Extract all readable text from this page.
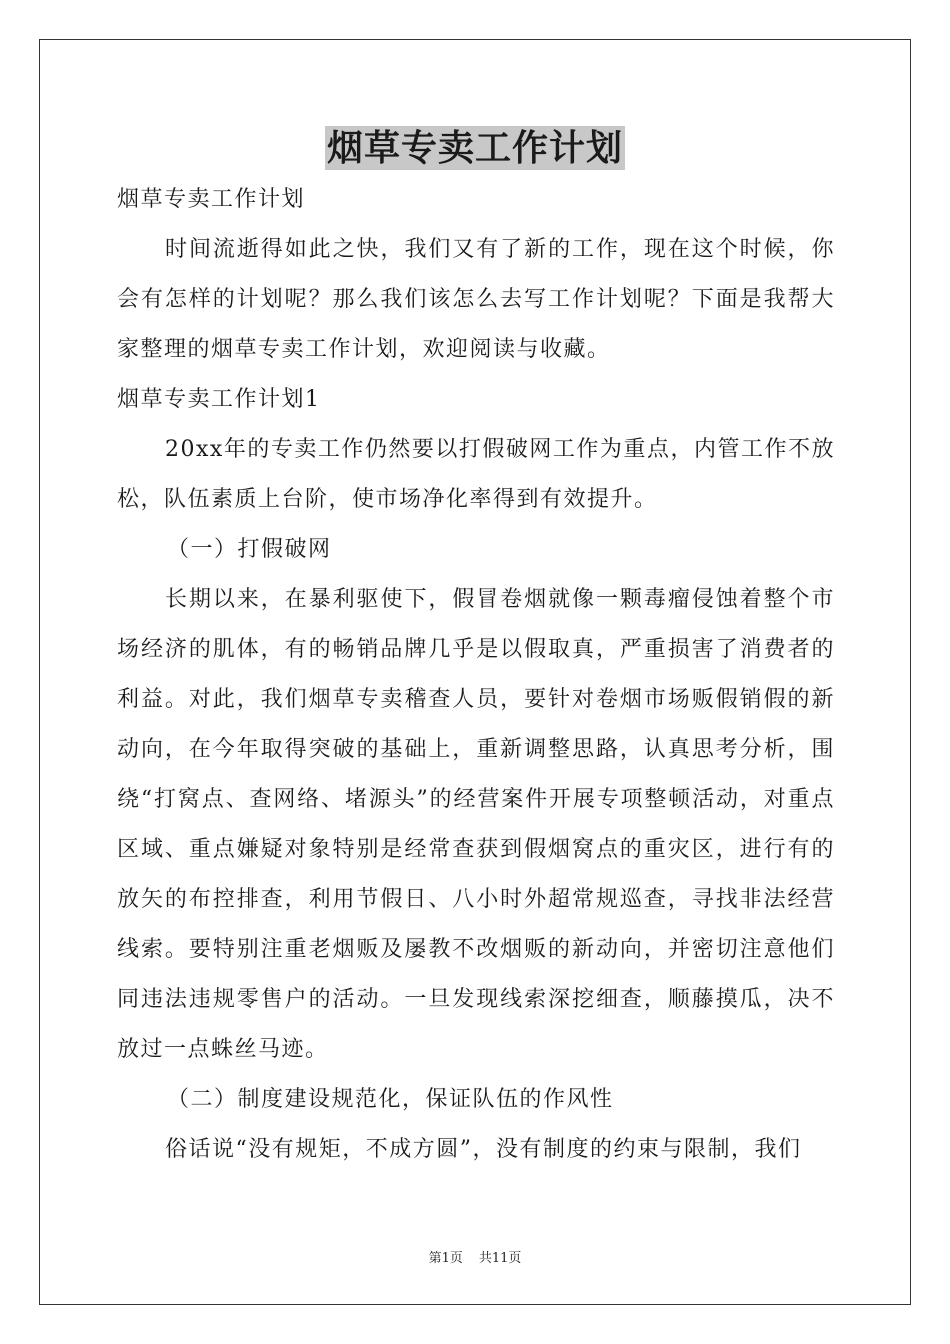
烟草专卖工作计划

烟草专卖工作计划

时间流逝得如此之快，我们又有了新的工作，现在这个时候，你会有怎样的计划呢？那么我们该怎么去写工作计划呢？下面是我帮大家整理的烟草专卖工作计划，欢迎阅读与收藏。

烟草专卖工作计划1

20xx年的专卖工作仍然要以打假破网工作为重点，内管工作不放松，队伍素质上台阶，使市场净化率得到有效提升。

（一）打假破网

长期以来，在暴利驱使下，假冒卷烟就像一颗毒瘤侵蚀着整个市场经济的肌体，有的畅销品牌几乎是以假取真，严重损害了消费者的利益。对此，我们烟草专卖稽查人员，要针对卷烟市场贩假销假的新动向，在今年取得突破的基础上，重新调整思路，认真思考分析，围绕“打窝点、查网络、堵源头”的经营案件开展专项整顿活动，对重点区域、重点嫌疑对象特别是经常查获到假烟窝点的重灾区，进行有的放矢的布控排查，利用节假日、八小时外超常规巡查，寻找非法经营线索。要特别注重老烟贩及屡教不改烟贩的新动向，并密切注意他们同违法违规零售户的活动。一旦发现线索深挖细查，顺藤摸瓜，决不放过一点蛛丝马迹。

（二）制度建设规范化，保证队伍的作风性

俗话说“没有规矩，不成方圆”，没有制度的约束与限制，我们

第1页 共11页
